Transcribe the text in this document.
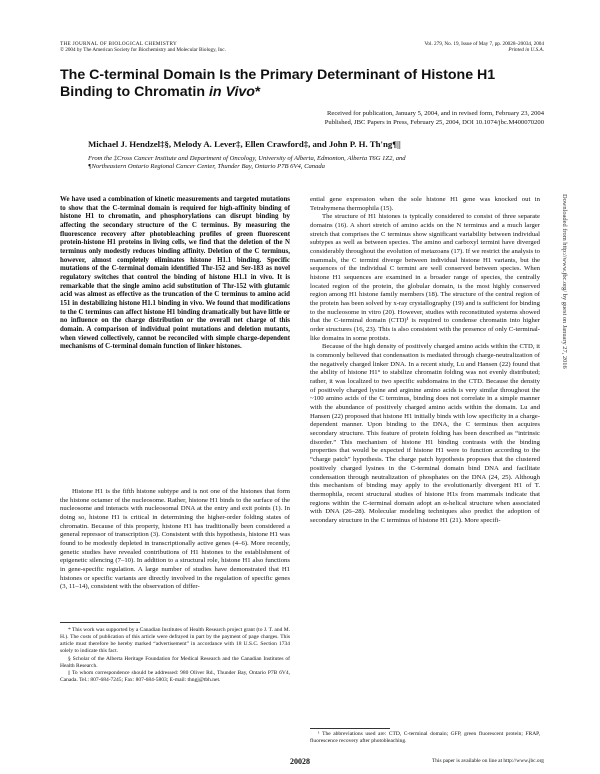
THE JOURNAL OF BIOLOGICAL CHEMISTRY
© 2004 by The American Society for Biochemistry and Molecular Biology, Inc.
Vol. 279, No. 19, Issue of May 7, pp. 20028–20034, 2004
Printed in U.S.A.
The C-terminal Domain Is the Primary Determinant of Histone H1 Binding to Chromatin in Vivo*
Received for publication, January 5, 2004, and in revised form, February 23, 2004
Published, JBC Papers in Press, February 25, 2004, DOI 10.1074/jbc.M400070200
Michael J. Hendzel‡§, Melody A. Lever‡, Ellen Crawford‡, and John P. H. Th'ng¶||
From the ‡Cross Cancer Institute and Department of Oncology, University of Alberta, Edmonton, Alberta T6G 1Z2, and
¶Northeastern Ontario Regional Cancer Center, Thunder Bay, Ontario P7B 6V4, Canada
We have used a combination of kinetic measurements and targeted mutations to show that the C-terminal domain is required for high-affinity binding of histone H1 to chromatin, and phosphorylations can disrupt binding by affecting the secondary structure of the C terminus. By measuring the fluorescence recovery after photobleaching profiles of green fluorescent protein-histone H1 proteins in living cells, we find that the deletion of the N terminus only modestly reduces binding affinity. Deletion of the C terminus, however, almost completely eliminates histone H1.1 binding. Specific mutations of the C-terminal domain identified Thr-152 and Ser-183 as novel regulatory switches that control the binding of histone H1.1 in vivo. It is remarkable that the single amino acid substitution of Thr-152 with glutamic acid was almost as effective as the truncation of the C terminus to amino acid 151 in destabilizing histone H1.1 binding in vivo. We found that modifications to the C terminus can affect histone H1 binding dramatically but have little or no influence on the charge distribution or the overall net charge of this domain. A comparison of individual point mutations and deletion mutants, when viewed collectively, cannot be reconciled with simple charge-dependent mechanisms of C-terminal domain function of linker histones.

Histone H1 is the fifth histone subtype and is not one of the histones that form the histone octamer of the nucleosome. Rather, histone H1 binds to the surface of the nucleosome and interacts with nucleosomal DNA at the entry and exit points (1). In doing so, histone H1 is critical in determining the higher-order folding states of chromatin. Because of this property, histone H1 has traditionally been considered a general repressor of transcription (3). Consistent with this hypothesis, histone H1 was found to be modestly depleted in transcriptionally active genes (4–6). More recently, genetic studies have revealed contributions of H1 histones to the establishment of epigenetic silencing (7–10). In addition to a structural role, histone H1 also functions in gene-specific regulation. A large number of studies have demonstrated that H1 histones or specific variants are directly involved in the regulation of specific genes (3, 11–14), consistent with the observation of differ-

ential gene expression when the sole histone H1 gene was knocked out in Tetrahymena thermophila (15).

The structure of H1 histones is typically considered to consist of three separate domains (16). A short stretch of amino acids on the N terminus and a much larger stretch that comprises the C terminus show significant variability between individual subtypes as well as between species. The amino and carboxyl termini have diverged considerably throughout the evolution of metazoans (17). If we restrict the analysis to mammals, the C termini diverge between individual histone H1 variants, but the sequences of the individual C termini are well conserved between species. When histone H1 sequences are examined in a broader range of species, the centrally located region of the protein, the globular domain, is the most highly conserved region among H1 histone family members (18). The structure of the central region of the protein has been solved by x-ray crystallography (19) and is sufficient for binding to the nucleosome in vitro (20). However, studies with reconstituted systems showed that the C-terminal domain (CTD)¹ is required to condense chromatin into higher order structures (16, 23). This is also consistent with the presence of only C-terminal-like domains in some protists.

Because of the high density of positively charged amino acids within the CTD, it is commonly believed that condensation is mediated through charge-neutralization of the negatively charged linker DNA. In a recent study, Lu and Hansen (22) found that the ability of histone H1° to stabilize chromatin folding was not evenly distributed; rather, it was localized to two specific subdomains in the CTD. Because the density of positively charged lysine and arginine amino acids is very similar throughout the ~100 amino acids of the C terminus, binding does not correlate in a simple manner with the abundance of positively charged amino acids within the domain. Lu and Hansen (22) proposed that histone H1 initially binds with low specificity in a charge-dependent manner. Upon binding to the DNA, the C terminus then acquires secondary structure. This feature of protein folding has been described as “intrinsic disorder.” This mechanism of histone H1 binding contrasts with the binding properties that would be expected if histone H1 were to function according to the “charge patch” hypothesis. The charge patch hypothesis proposes that the clustered positively charged lysines in the C-terminal domain bind DNA and facilitate condensation through neutralization of phosphates on the DNA (24, 25). Although this mechanism of binding may apply to the evolutionarily divergent H1 of T. thermophila, recent structural studies of histone H1s from mammals indicate that regions within the C-terminal domain adopt an α-helical structure when associated with DNA (26–28). Molecular modeling techniques also predict the adoption of secondary structure in the C terminus of histone H1 (21). More specifi-

* This work was supported by a Canadian Institutes of Health Research project grant (to J. T. and M. H.). The costs of publication of this article were defrayed in part by the payment of page charges. This article must therefore be hereby marked “advertisement” in accordance with 18 U.S.C. Section 1734 solely to indicate this fact.

§ Scholar of the Alberta Heritage Foundation for Medical Research and the Canadian Institutes of Health Research.

|| To whom correspondence should be addressed: 980 Oliver Rd., Thunder Bay, Ontario P7B 6V4, Canada. Tel.: 807-684-7245; Fax: 807-684-5803; E-mail: thngj@tbh.net.

¹ The abbreviations used are: CTD, C-terminal domain; GFP, green fluorescent protein; FRAP, fluorescence recovery after photobleaching.

20028	This paper is available on line at http://www.jbc.org
Downloaded from http://www.jbc.org/ by guest on January 27, 2016
